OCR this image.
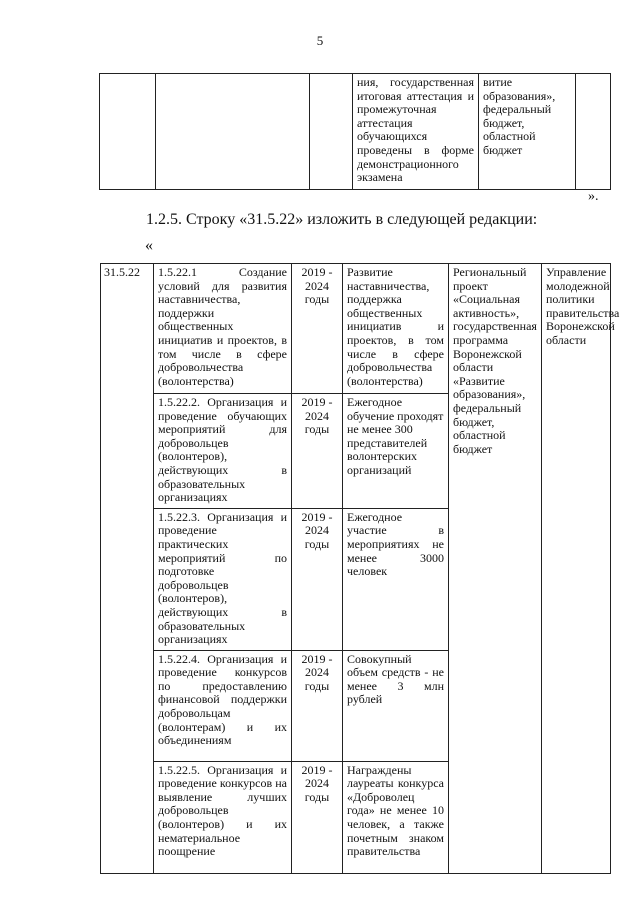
5
			ния, государственная итоговая аттестация и промежуточная аттестация обучающихся проведены в форме демонстрационного экзамена	витие образования», федеральный бюджет, областной бюджет	
».
1.2.5. Строку «31.5.22» изложить в следующей редакции:
«
31.5.22	1.5.22.1 Создание условий для развития наставничества, поддержки общественных инициатив и проектов, в том числе в сфере добровольчества (волонтерства)	2019 - 2024 годы	Развитие наставничества, поддержка общественных инициатив и проектов, в том числе в сфере добровольчества (волонтерства)	Региональный проект «Социальная активность», государственная программа Воронежской области «Развитие образования», федеральный бюджет, областной бюджет	Управление молодежной политики правительства Воронежской области
	1.5.22.2. Организация и проведение обучающих мероприятий для добровольцев (волонтеров), действующих в образовательных организациях	2019 - 2024 годы	Ежегодное обучение проходят не менее 300 представителей волонтерских организаций		
	1.5.22.3. Организация и проведение практических мероприятий по подготовке добровольцев (волонтеров), действующих в образовательных организациях	2019 - 2024 годы	Ежегодное участие в мероприятиях не менее 3000 человек		
	1.5.22.4. Организация и проведение конкурсов по предоставлению финансовой поддержки добровольцам (волонтерам) и их объединениям	2019 - 2024 годы	Совокупный объем средств - не менее 3 млн рублей		
	1.5.22.5. Организация и проведение конкурсов на выявление лучших добровольцев (волонтеров) и их нематериальное поощрение	2019 - 2024 годы	Награждены лауреаты конкурса «Доброволец года» не менее 10 человек, а также почетным знаком правительства		
